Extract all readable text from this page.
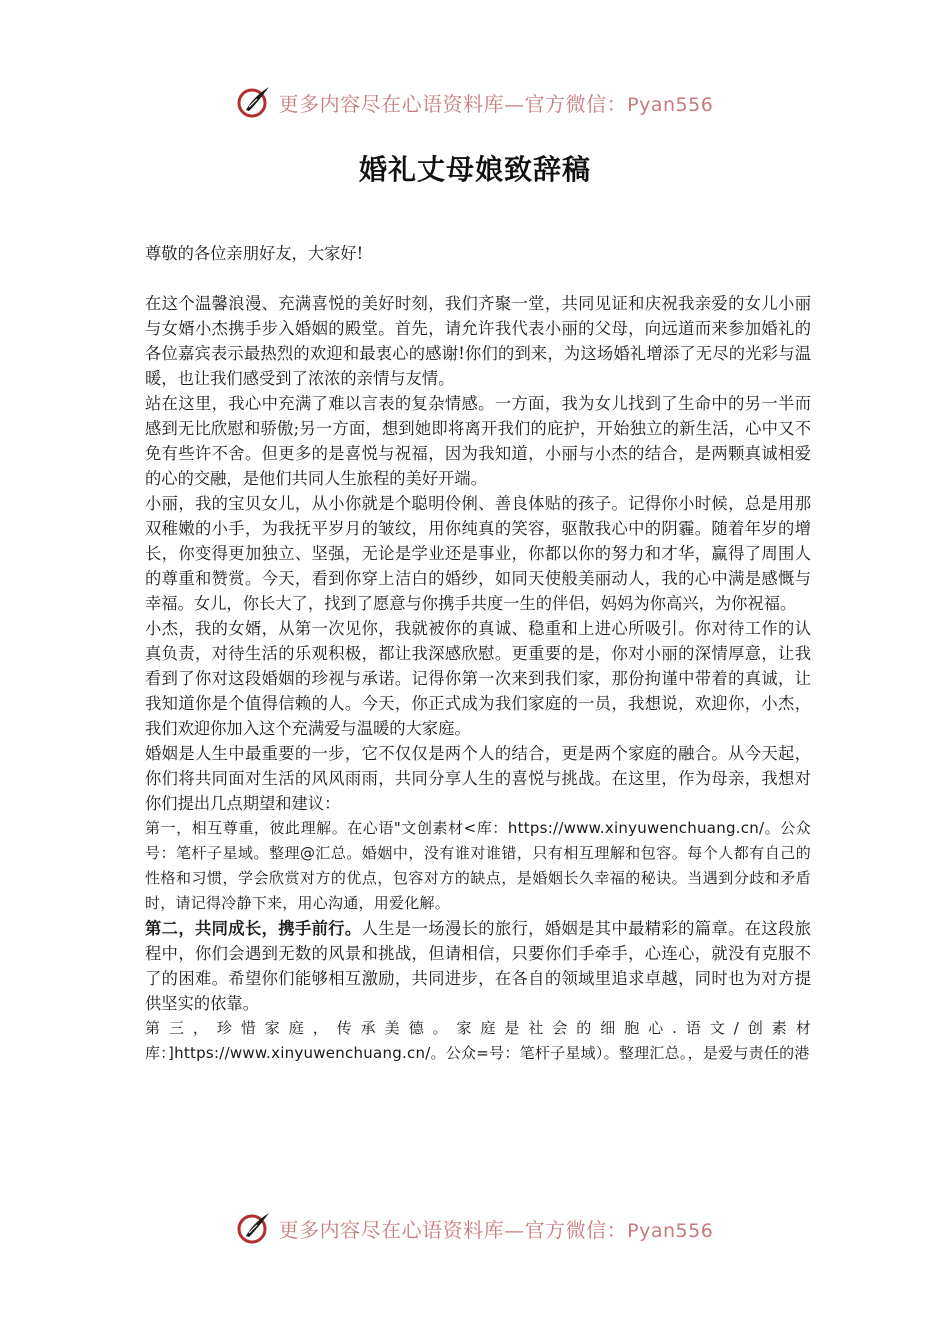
更多内容尽在心语资料库—官方微信：Pyan556
婚礼丈母娘致辞稿

尊敬的各位亲朋好友，大家好!

在这个温馨浪漫、充满喜悦的美好时刻，我们齐聚一堂，共同见证和庆祝我亲爱的女儿小丽与女婿小杰携手步入婚姻的殿堂。首先，请允许我代表小丽的父母，向远道而来参加婚礼的各位嘉宾表示最热烈的欢迎和最衷心的感谢!你们的到来，为这场婚礼增添了无尽的光彩与温暖，也让我们感受到了浓浓的亲情与友情。

站在这里，我心中充满了难以言表的复杂情感。一方面，我为女儿找到了生命中的另一半而感到无比欣慰和骄傲;另一方面，想到她即将离开我们的庇护，开始独立的新生活，心中又不免有些许不舍。但更多的是喜悦与祝福，因为我知道，小丽与小杰的结合，是两颗真诚相爱的心的交融，是他们共同人生旅程的美好开端。

小丽，我的宝贝女儿，从小你就是个聪明伶俐、善良体贴的孩子。记得你小时候，总是用那双稚嫩的小手，为我抚平岁月的皱纹，用你纯真的笑容，驱散我心中的阴霾。随着年岁的增长，你变得更加独立、坚强，无论是学业还是事业，你都以你的努力和才华，赢得了周围人的尊重和赞赏。今天，看到你穿上洁白的婚纱，如同天使般美丽动人，我的心中满是感慨与幸福。女儿，你长大了，找到了愿意与你携手共度一生的伴侣，妈妈为你高兴，为你祝福。

小杰，我的女婿，从第一次见你，我就被你的真诚、稳重和上进心所吸引。你对待工作的认真负责，对待生活的乐观积极，都让我深感欣慰。更重要的是，你对小丽的深情厚意，让我看到了你对这段婚姻的珍视与承诺。记得你第一次来到我们家，那份拘谨中带着的真诚，让我知道你是个值得信赖的人。今天，你正式成为我们家庭的一员，我想说，欢迎你，小杰，我们欢迎你加入这个充满爱与温暖的大家庭。

婚姻是人生中最重要的一步，它不仅仅是两个人的结合，更是两个家庭的融合。从今天起，你们将共同面对生活的风风雨雨，共同分享人生的喜悦与挑战。在这里，作为母亲，我想对你们提出几点期望和建议：

第一，相互尊重，彼此理解。在心语"文创素材<库：https://www.xinyuwenchuang.cn/。公众号：笔杆子星域。整理@汇总。婚姻中，没有谁对谁错，只有相互理解和包容。每个人都有自己的性格和习惯，学会欣赏对方的优点，包容对方的缺点，是婚姻长久幸福的秘诀。当遇到分歧和矛盾时，请记得冷静下来，用心沟通，用爱化解。

第二，共同成长，携手前行。人生是一场漫长的旅行，婚姻是其中最精彩的篇章。在这段旅程中，你们会遇到无数的风景和挑战，但请相信，只要你们手牵手，心连心，就没有克服不了的困难。希望你们能够相互激励，共同进步，在各自的领域里追求卓越，同时也为对方提供坚实的依靠。

第三，珍惜家庭，传承美德。家庭是社会的细胞心.语文/创素材库：]https://www.xinyuwenchuang.cn/。公众=号：笔杆子星域）。整理汇总。，是爱与责任的港

更多内容尽在心语资料库—官方微信：Pyan556
